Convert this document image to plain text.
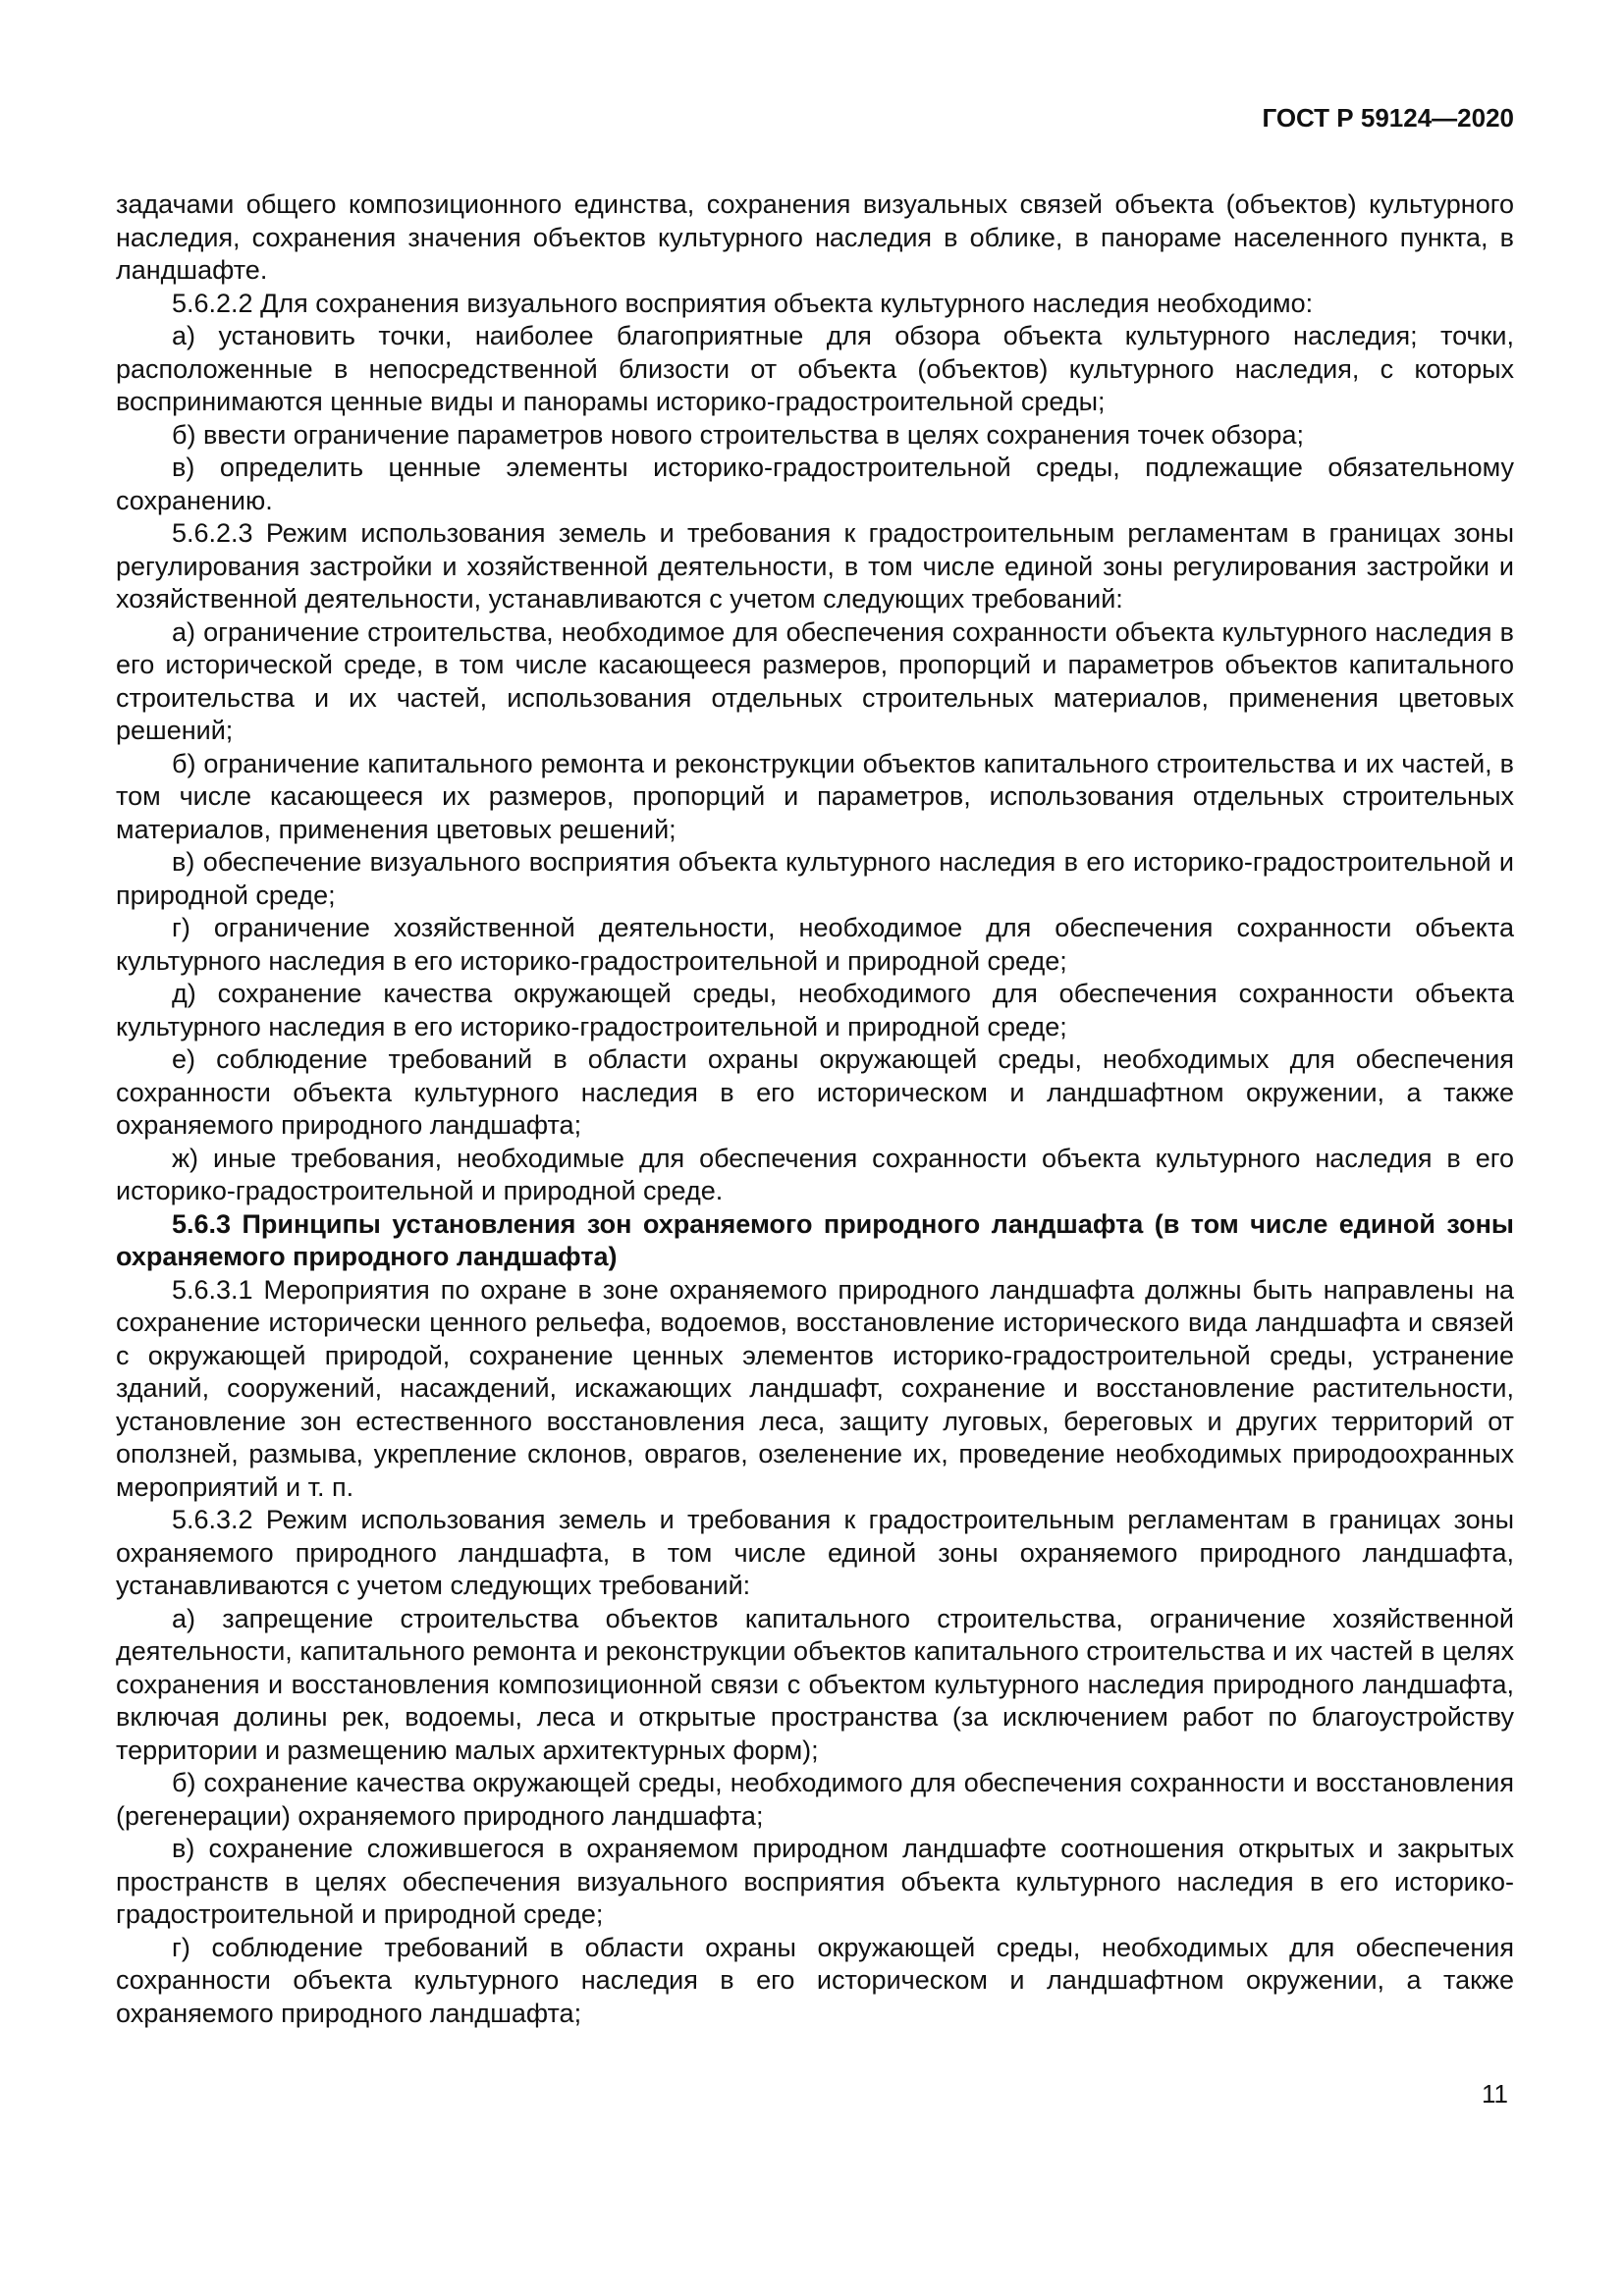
ГОСТ Р 59124—2020

задачами общего композиционного единства, сохранения визуальных связей объекта (объектов) культурного наследия, сохранения значения объектов культурного наследия в облике, в панораме населенного пункта, в ландшафте.

5.6.2.2 Для сохранения визуального восприятия объекта культурного наследия необходимо:

а) установить точки, наиболее благоприятные для обзора объекта культурного наследия; точки, расположенные в непосредственной близости от объекта (объектов) культурного наследия, с которых воспринимаются ценные виды и панорамы историко-градостроительной среды;

б) ввести ограничение параметров нового строительства в целях сохранения точек обзора;

в) определить ценные элементы историко-градостроительной среды, подлежащие обязательному сохранению.

5.6.2.3 Режим использования земель и требования к градостроительным регламентам в границах зоны регулирования застройки и хозяйственной деятельности, в том числе единой зоны регулирования застройки и хозяйственной деятельности, устанавливаются с учетом следующих требований:

а) ограничение строительства, необходимое для обеспечения сохранности объекта культурного наследия в его исторической среде, в том числе касающееся размеров, пропорций и параметров объектов капитального строительства и их частей, использования отдельных строительных материалов, применения цветовых решений;

б) ограничение капитального ремонта и реконструкции объектов капитального строительства и их частей, в том числе касающееся их размеров, пропорций и параметров, использования отдельных строительных материалов, применения цветовых решений;

в) обеспечение визуального восприятия объекта культурного наследия в его историко-градостроительной и природной среде;

г) ограничение хозяйственной деятельности, необходимое для обеспечения сохранности объекта культурного наследия в его историко-градостроительной и природной среде;

д) сохранение качества окружающей среды, необходимого для обеспечения сохранности объекта культурного наследия в его историко-градостроительной и природной среде;

е) соблюдение требований в области охраны окружающей среды, необходимых для обеспечения сохранности объекта культурного наследия в его историческом и ландшафтном окружении, а также охраняемого природного ландшафта;

ж) иные требования, необходимые для обеспечения сохранности объекта культурного наследия в его историко-градостроительной и природной среде.

5.6.3 Принципы установления зон охраняемого природного ландшафта (в том числе единой зоны охраняемого природного ландшафта)

5.6.3.1 Мероприятия по охране в зоне охраняемого природного ландшафта должны быть направлены на сохранение исторически ценного рельефа, водоемов, восстановление исторического вида ландшафта и связей с окружающей природой, сохранение ценных элементов историко-градостроительной среды, устранение зданий, сооружений, насаждений, искажающих ландшафт, сохранение и восстановление растительности, установление зон естественного восстановления леса, защиту луговых, береговых и других территорий от оползней, размыва, укрепление склонов, оврагов, озеленение их, проведение необходимых природоохранных мероприятий и т. п.

5.6.3.2 Режим использования земель и требования к градостроительным регламентам в границах зоны охраняемого природного ландшафта, в том числе единой зоны охраняемого природного ландшафта, устанавливаются с учетом следующих требований:

а) запрещение строительства объектов капитального строительства, ограничение хозяйственной деятельности, капитального ремонта и реконструкции объектов капитального строительства и их частей в целях сохранения и восстановления композиционной связи с объектом культурного наследия природного ландшафта, включая долины рек, водоемы, леса и открытые пространства (за исключением работ по благоустройству территории и размещению малых архитектурных форм);

б) сохранение качества окружающей среды, необходимого для обеспечения сохранности и восстановления (регенерации) охраняемого природного ландшафта;

в) сохранение сложившегося в охраняемом природном ландшафте соотношения открытых и закрытых пространств в целях обеспечения визуального восприятия объекта культурного наследия в его историко-градостроительной и природной среде;

г) соблюдение требований в области охраны окружающей среды, необходимых для обеспечения сохранности объекта культурного наследия в его историческом и ландшафтном окружении, а также охраняемого природного ландшафта;

11
